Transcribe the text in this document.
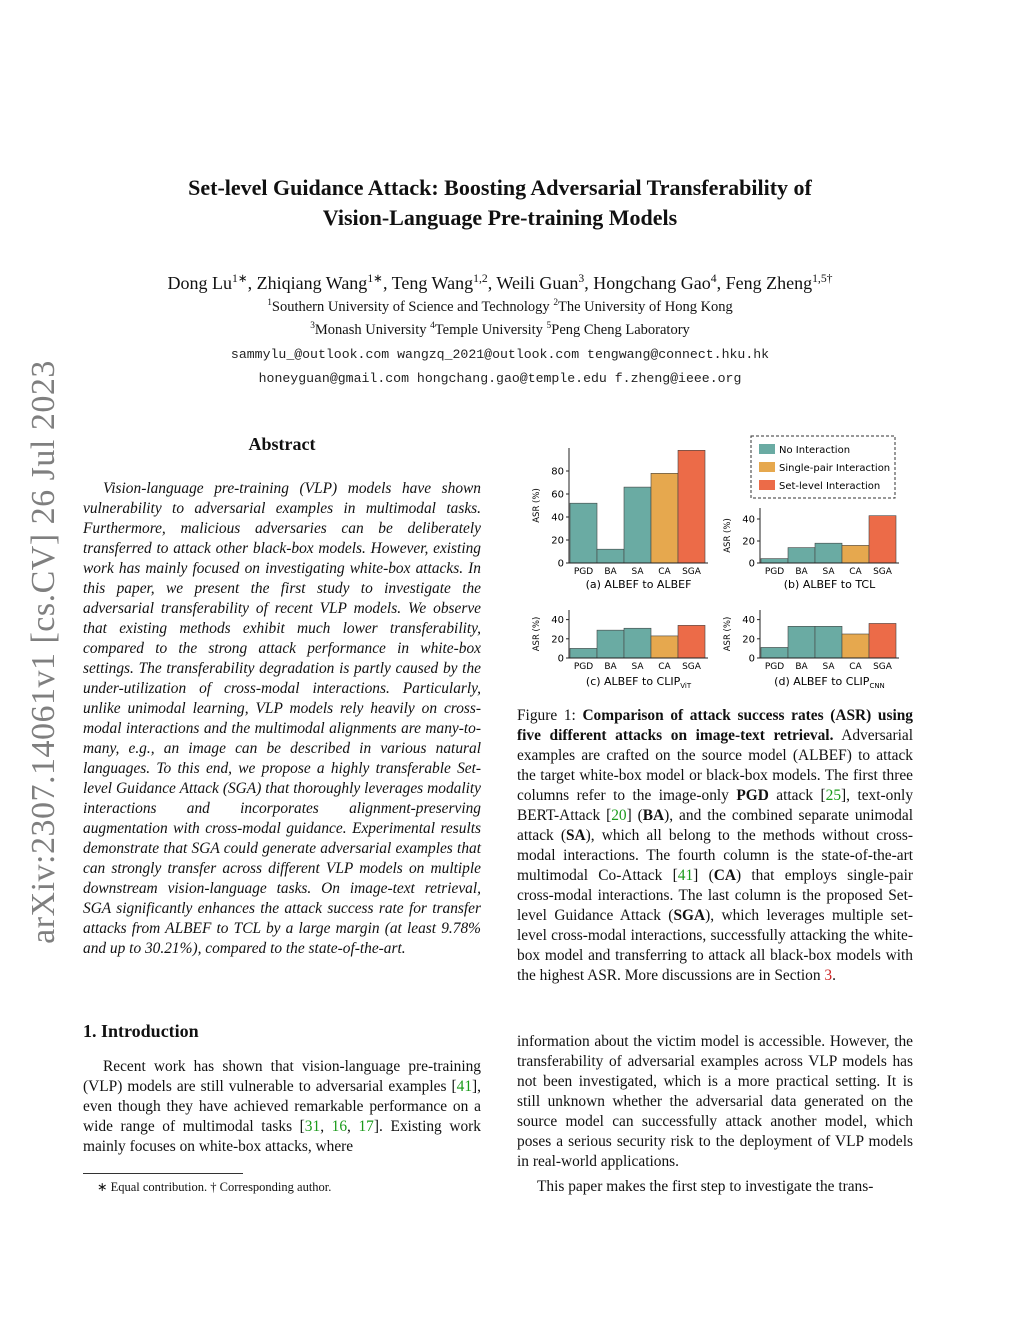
arXiv:2307.14061v1 [cs.CV] 26 Jul 2023
Set-level Guidance Attack: Boosting Adversarial Transferability of
Vision-Language Pre-training Models
Dong $Lu^{1∗}$, Zhiqiang Wang$^{1∗}$, Teng Wang$^{1,2}$, Weili Guan$^3$, Hongchang Gao$^4$, Feng Zheng$^{1,5\dagger}$
$^1$Southern University of Science and Technology $^2$The University of Hong Kong
$^3$Monash University $^4$Temple University $^5$Peng Cheng Laboratory
sammylu_@outlook.com wangzq_2021@outlook.com tengwang@connect.hku.hk
honeyguan@gmail.com hongchang.gao@temple.edu f.zheng@ieee.org
Abstract
Vision-language pre-training (VLP) models have shown vulnerability to adversarial examples in multimodal tasks. Furthermore, malicious adversaries can be deliberately transferred to attack other black-box models. However, existing work has mainly focused on investigating white-box attacks. In this paper, we present the first study to investigate the adversarial transferability of recent VLP models. We observe that existing methods exhibit much lower transferability, compared to the strong attack performance in white-box settings. The transferability degradation is partly caused by the under-utilization of cross-modal interactions. Particularly, unlike unimodal learning, VLP models rely heavily on cross-modal interactions and the multimodal alignments are many-to-many, e.g., an image can be described in various natural languages. To this end, we propose a highly transferable Set-level Guidance Attack (SGA) that thoroughly leverages modality interactions and incorporates alignment-preserving augmentation with cross-modal guidance. Experimental results demonstrate that SGA could generate adversarial examples that can strongly transfer across different VLP models on multiple downstream vision-language tasks. On image-text retrieval, SGA significantly enhances the attack success rate for transfer attacks from ALBEF to TCL by a large margin (at least 9.78% and up to 30.21%), compared to the state-of-the-art.
1. Introduction
Recent work has shown that vision-language pre-training (VLP) models are still vulnerable to adversarial examples [41], even though they have achieved remarkable performance on a wide range of multimodal tasks [31, 16, 17]. Existing work mainly focuses on white-box attacks, where
∗ Equal contribution. † Corresponding author.
PGD BA SA CA SGA
0
20
40
60
80
ASR (%)
(a) ALBEF to ALBEF
PGD BA SA CA SGA
0
20
40
ASR (%)
(b) ALBEF to TCL
PGD BA SA CA SGA
0
20
40
ASR (%)
(c) ALBEF to $CLIP_{ViT}$
PGD BA SA CA SGA
0
20
40
ASR (%)
(d) ALBEF to $CLIP_{CNN}$
No Interaction
Single-pair Interaction
Set-level Interaction
Figure 1: Comparison of attack success rates (ASR) using five different attacks on image-text retrieval. Adversarial examples are crafted on the source model (ALBEF) to attack the target white-box model or black-box models. The first three columns refer to the image-only PGD attack [25], text-only BERT-Attack [20] (BA), and the combined separate unimodal attack (SA), which all belong to the methods without cross-modal interactions. The fourth column is the state-of-the-art multimodal Co-Attack [41] (CA) that employs single-pair cross-modal interactions. The last column is the proposed Set-level Guidance Attack (SGA), which leverages multiple set-level cross-modal interactions, successfully attacking the white-box model and transferring to attack all black-box models with the highest ASR. More discussions are in Section 3.
information about the victim model is accessible. However, the transferability of adversarial examples across VLP models has not been investigated, which is a more practical setting. It is still unknown whether the adversarial data generated on the source model can successfully attack another model, which poses a serious security risk to the deployment of VLP models in real-world applications.
This paper makes the first step to investigate the trans-
